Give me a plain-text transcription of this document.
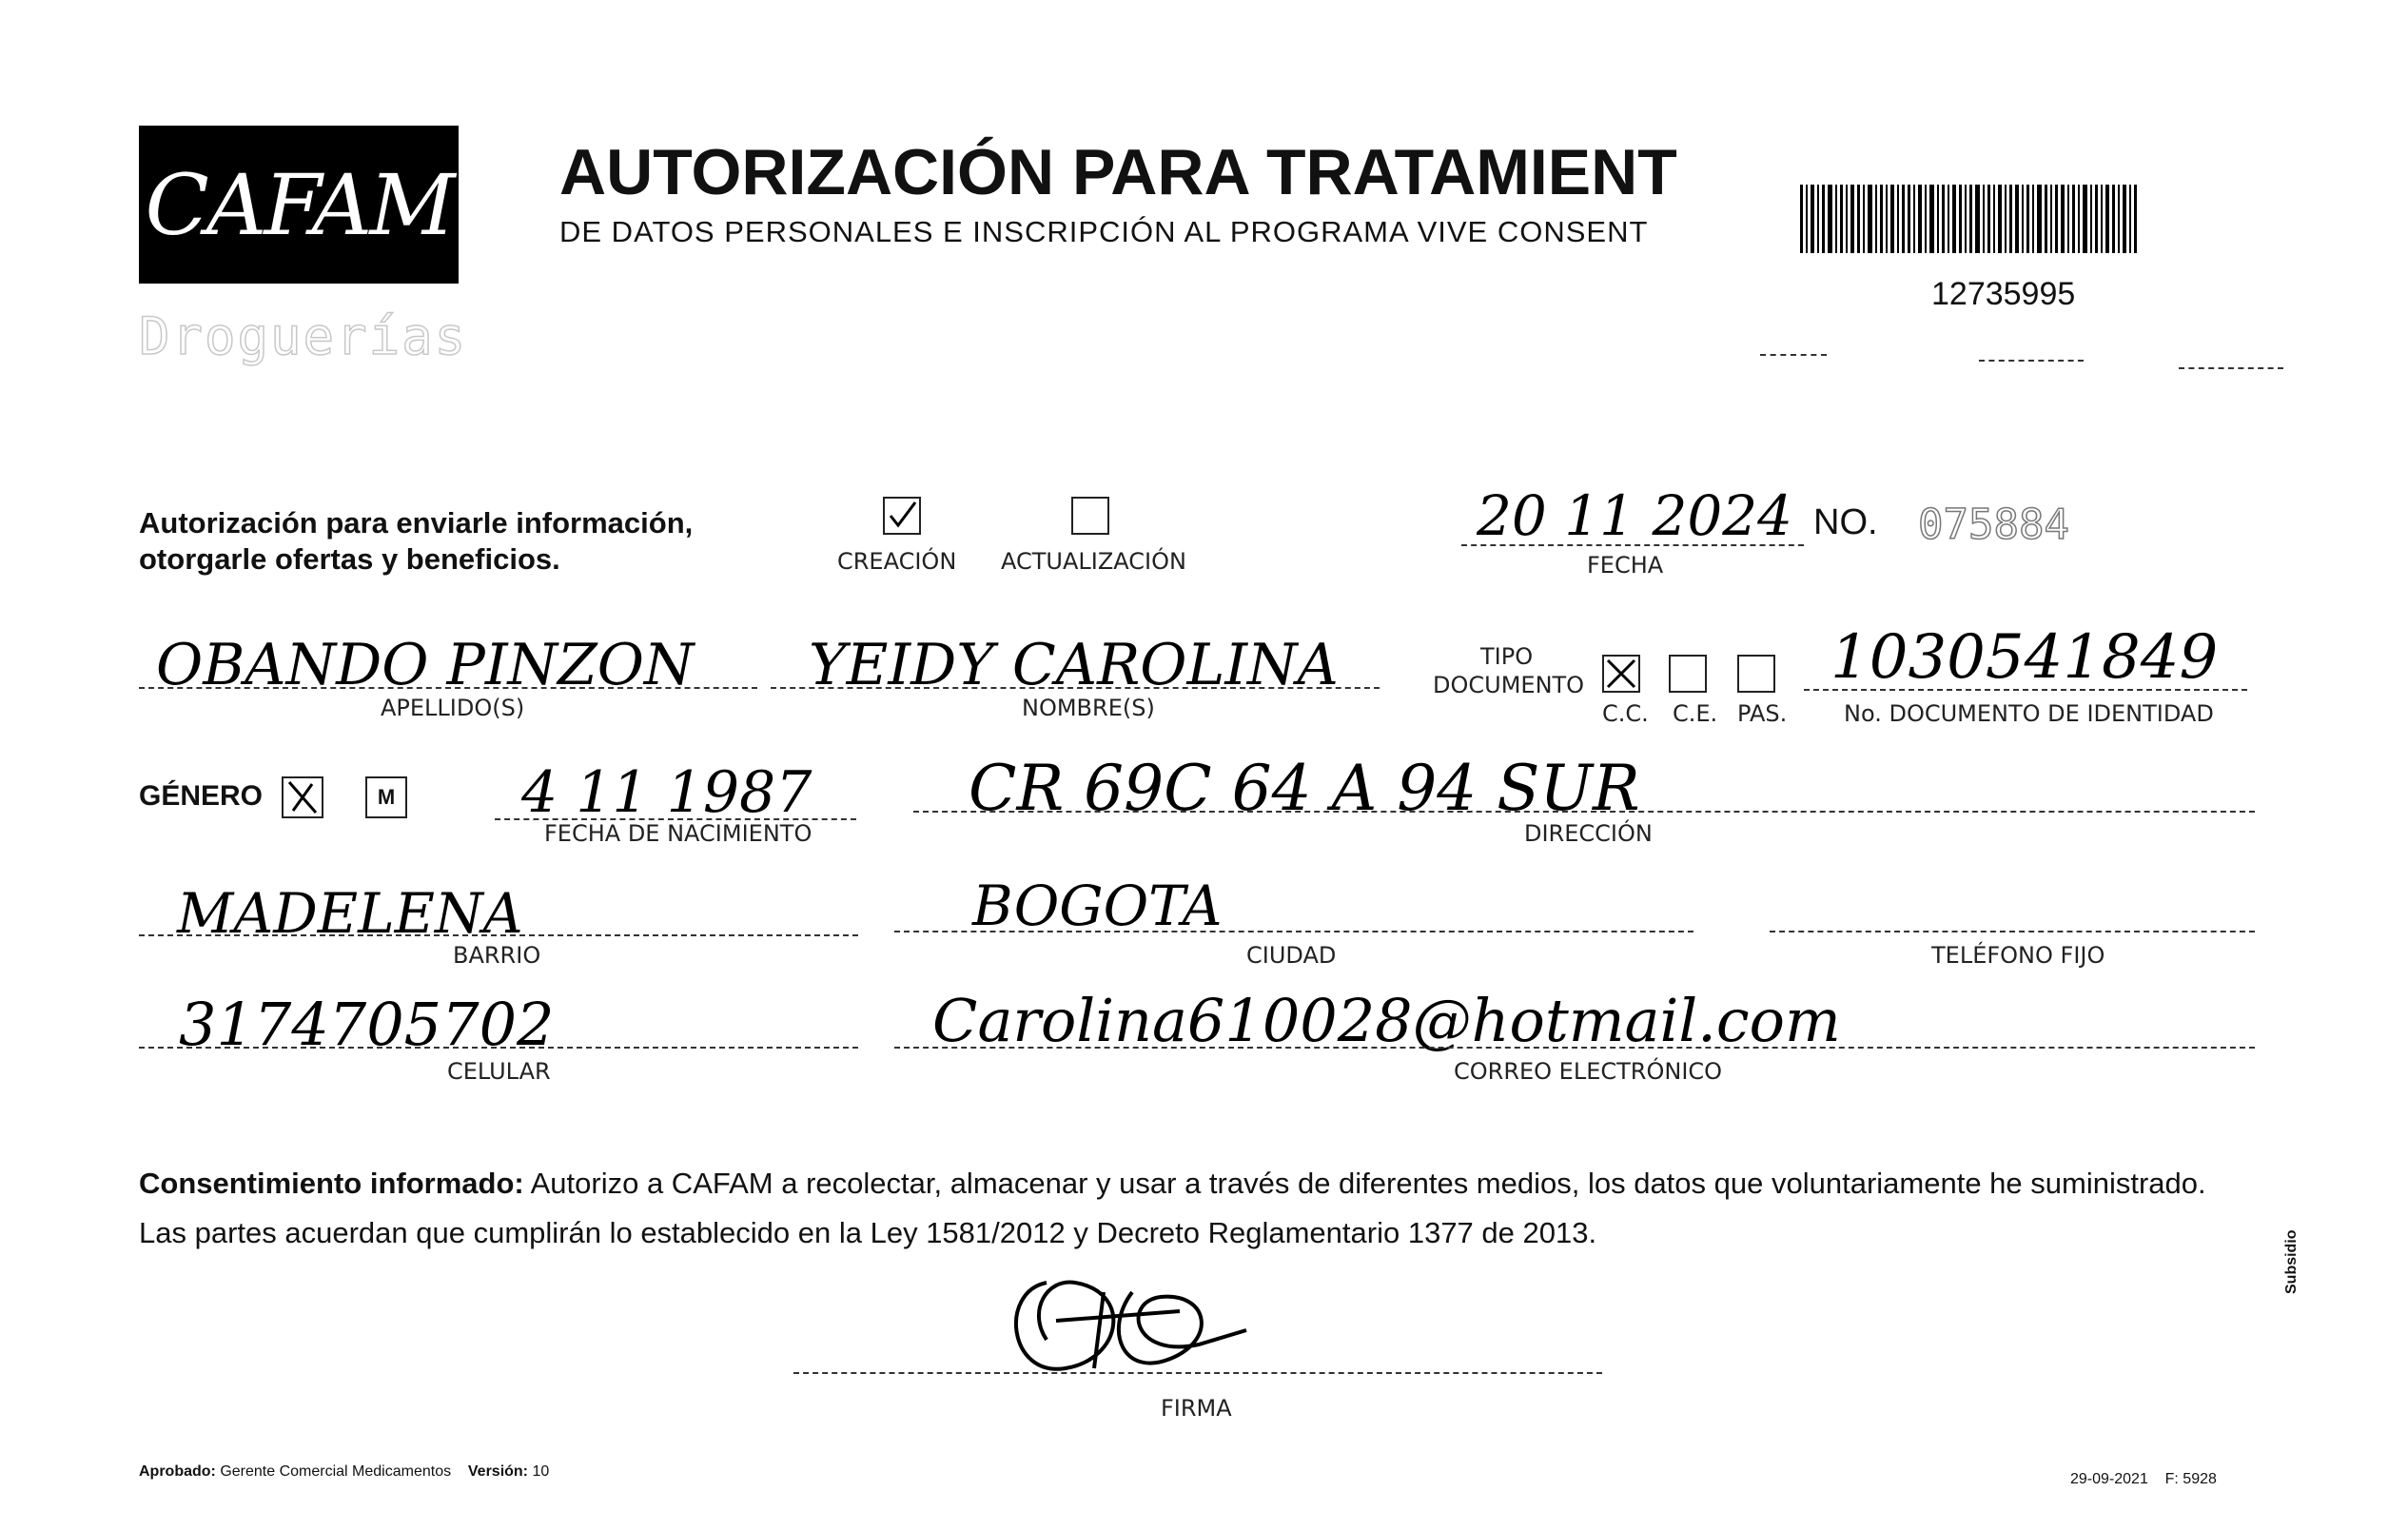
CAFAM
Droguerías
AUTORIZACIÓN PARA TRATAMIENT
DE DATOS PERSONALES E INSCRIPCIÓN AL PROGRAMA VIVE CONSENT
12735995
Autorización para enviarle información,
otorgarle ofertas y beneficios.	CREACIÓN ACTUALIZACIÓN
20 11 2024
FECHA
NO. 075884
OBANDO PINZON
APELLIDO(S)
YEIDY CAROLINA
NOMBRE(S)
TIPO
DOCUMENTO
C.C. C.E. PAS.
1030541849
No. DOCUMENTO DE IDENTIDAD
GÉNERO	M 4 11 1987
FECHA DE NACIMIENTO
CR 69C 64 A 94 SUR
DIRECCIÓN
MADELENA
BARRIO
BOGOTA
CIUDAD	TELÉFONO FIJO
3174705702
CELULAR
Carolina610028@hotmail.com
CORREO ELECTRÓNICO
Consentimiento informado: Autorizo a CAFAM a recolectar, almacenar y usar a través de diferentes medios, los datos que voluntariamente he suministrado.
Las partes acuerdan que cumplirán lo establecido en la Ley 1581/2012 y Decreto Reglamentario 1377 de 2013.
FIRMA
Aprobado: Gerente Comercial Medicamentos Versión: 10	29-09-2021 F: 5928
Subsidio
